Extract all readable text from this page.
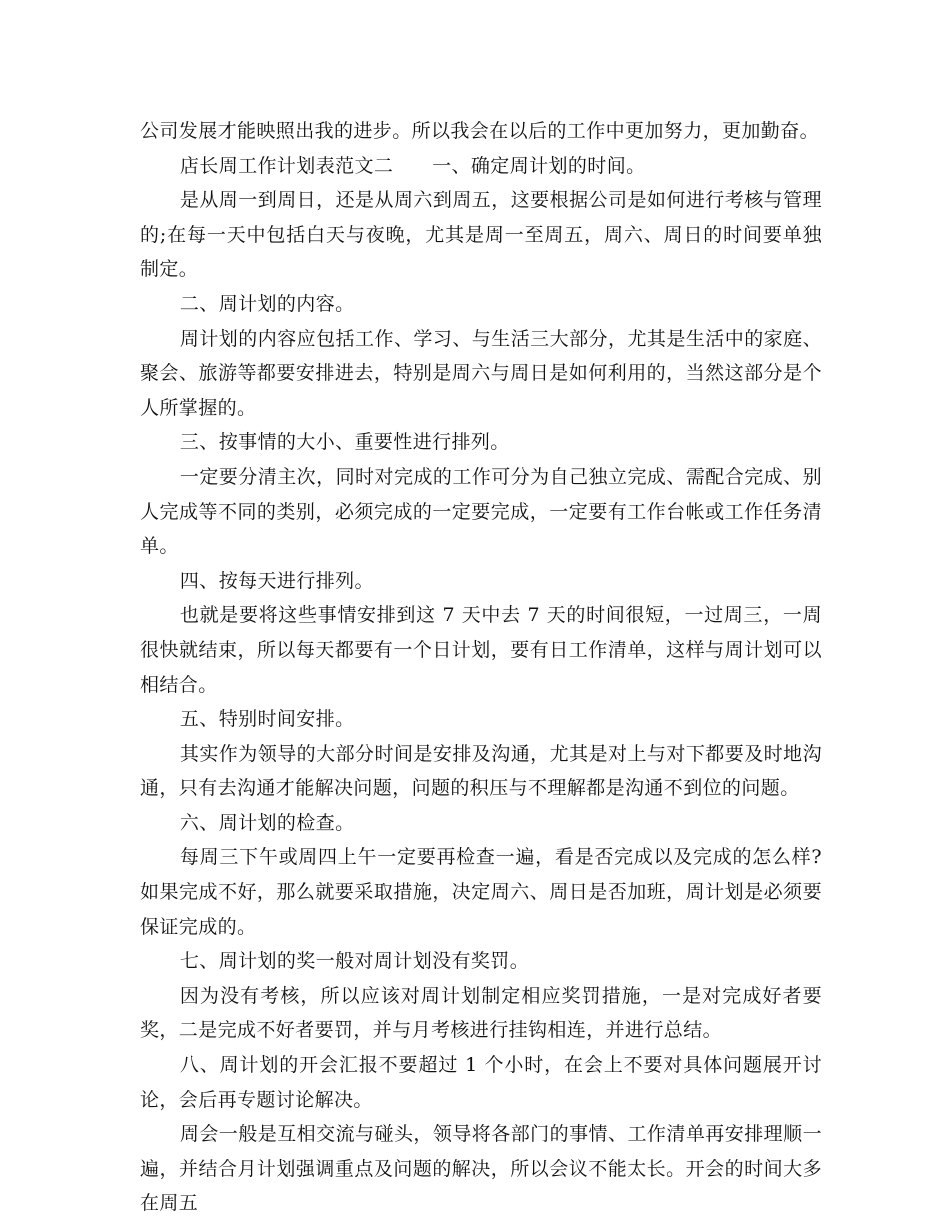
公司发展才能映照出我的进步。所以我会在以后的工作中更加努力，更加勤奋。

店长周工作计划表范文二　　一、确定周计划的时间。

是从周一到周日，还是从周六到周五，这要根据公司是如何进行考核与管理的;在每一天中包括白天与夜晚，尤其是周一至周五，周六、周日的时间要单独制定。

二、周计划的内容。

周计划的内容应包括工作、学习、与生活三大部分，尤其是生活中的家庭、聚会、旅游等都要安排进去，特别是周六与周日是如何利用的，当然这部分是个人所掌握的。

三、按事情的大小、重要性进行排列。

一定要分清主次，同时对完成的工作可分为自己独立完成、需配合完成、别人完成等不同的类别，必须完成的一定要完成，一定要有工作台帐或工作任务清单。

四、按每天进行排列。

也就是要将这些事情安排到这 7 天中去 7 天的时间很短，一过周三，一周很快就结束，所以每天都要有一个日计划，要有日工作清单，这样与周计划可以相结合。

五、特别时间安排。

其实作为领导的大部分时间是安排及沟通，尤其是对上与对下都要及时地沟通，只有去沟通才能解决问题，问题的积压与不理解都是沟通不到位的问题。

六、周计划的检查。

每周三下午或周四上午一定要再检查一遍，看是否完成以及完成的怎么样?如果完成不好，那么就要采取措施，决定周六、周日是否加班，周计划是必须要保证完成的。

七、周计划的奖一般对周计划没有奖罚。

因为没有考核，所以应该对周计划制定相应奖罚措施，一是对完成好者要奖，二是完成不好者要罚，并与月考核进行挂钩相连，并进行总结。

八、周计划的开会汇报不要超过 1 个小时，在会上不要对具体问题展开讨论，会后再专题讨论解决。

周会一般是互相交流与碰头，领导将各部门的事情、工作清单再安排理顺一遍，并结合月计划强调重点及问题的解决，所以会议不能太长。开会的时间大多在周五
